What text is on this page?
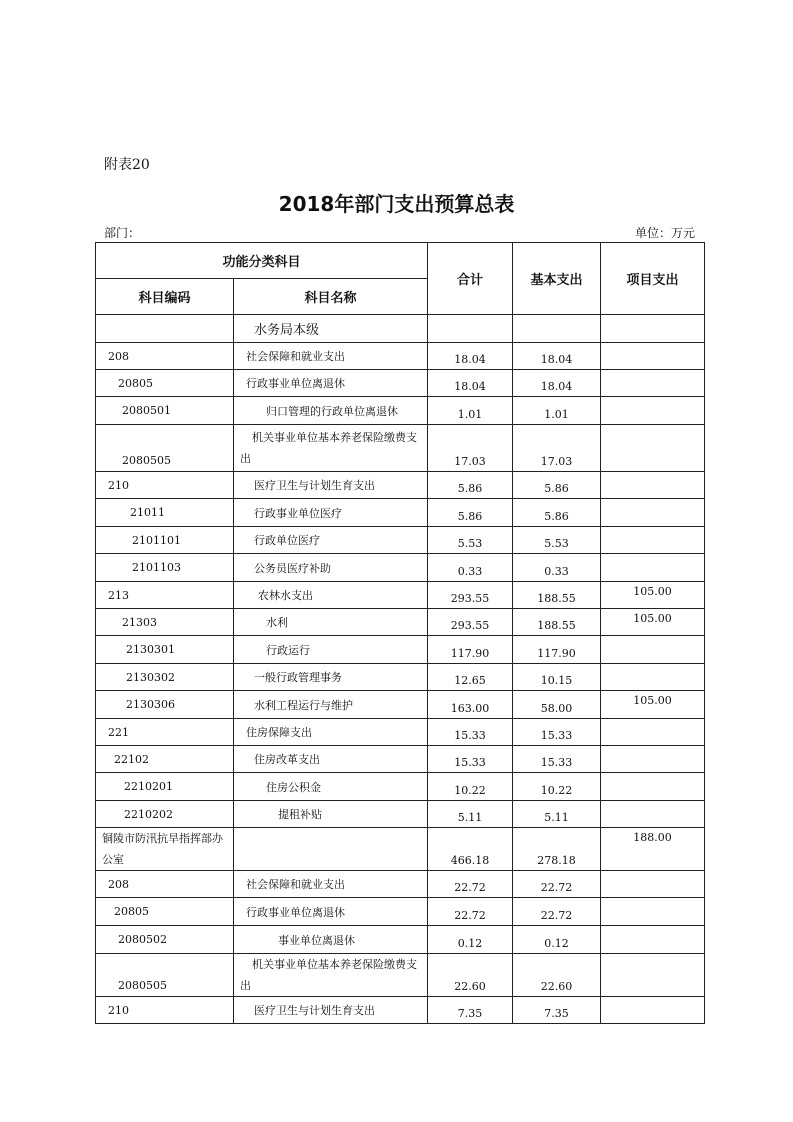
附表20
2018年部门支出预算总表
部门：	单位：万元
功能分类科目		合计	基本支出	项目支出
科目编码	科目名称			
	水务局本级			
208	社会保障和就业支出	18.04	18.04	
20805	行政事业单位离退休	18.04	18.04	
2080501	归口管理的行政单位离退休	1.01	1.01	
2080505	机关事业单位基本养老保险缴费支出	17.03	17.03	
210	医疗卫生与计划生育支出	5.86	5.86	
21011	行政事业单位医疗	5.86	5.86	
2101101	行政单位医疗	5.53	5.53	
2101103	公务员医疗补助	0.33	0.33	
213	农林水支出	293.55	188.55	105.00
21303	水利	293.55	188.55	105.00
2130301	行政运行	117.90	117.90	
2130302	一般行政管理事务	12.65	10.15	
2130306	水利工程运行与维护	163.00	58.00	105.00
221	住房保障支出	15.33	15.33	
22102	住房改革支出	15.33	15.33	
2210201	住房公积金	10.22	10.22	
2210202	提租补贴	5.11	5.11	
铜陵市防汛抗旱指挥部办公室		466.18	278.18	188.00
208	社会保障和就业支出	22.72	22.72	
20805	行政事业单位离退休	22.72	22.72	
2080502	事业单位离退休	0.12	0.12	
2080505	机关事业单位基本养老保险缴费支出	22.60	22.60	
210	医疗卫生与计划生育支出	7.35	7.35	
